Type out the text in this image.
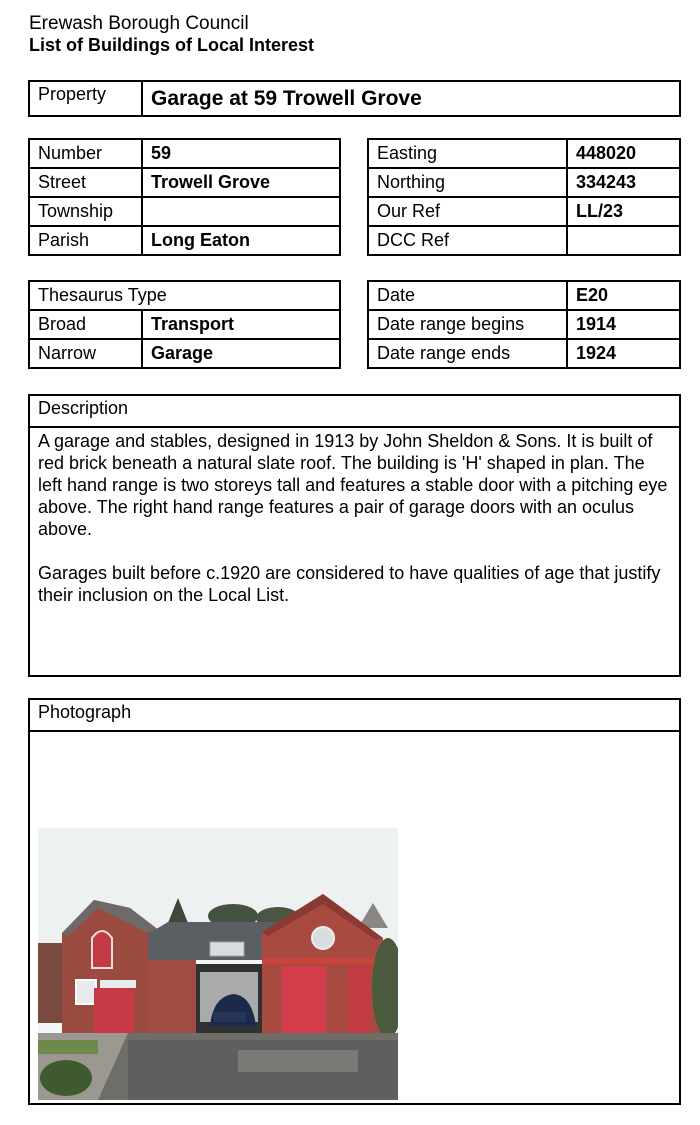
Erewash Borough Council
List of Buildings of Local Interest
Property	Garage at 59 Trowell Grove
Number	59
Street	Trowell Grove
Township	
Parish	Long Eaton
Easting	448020
Northing	334243
Our Ref	LL/23
DCC Ref	
Thesaurus Type	
Broad	Transport
Narrow	Garage
Date	E20
Date range begins	1914
Date range ends	1924
Description

A garage and stables, designed in 1913 by John Sheldon & Sons. It is built of red brick beneath a natural slate roof. The building is 'H' shaped in plan. The left hand range is two storeys tall and features a stable door with a pitching eye above. The right hand range features a pair of garage doors with an oculus above.

Garages built before c.1920 are considered to have qualities of age that justify their inclusion on the Local List.

Photograph
